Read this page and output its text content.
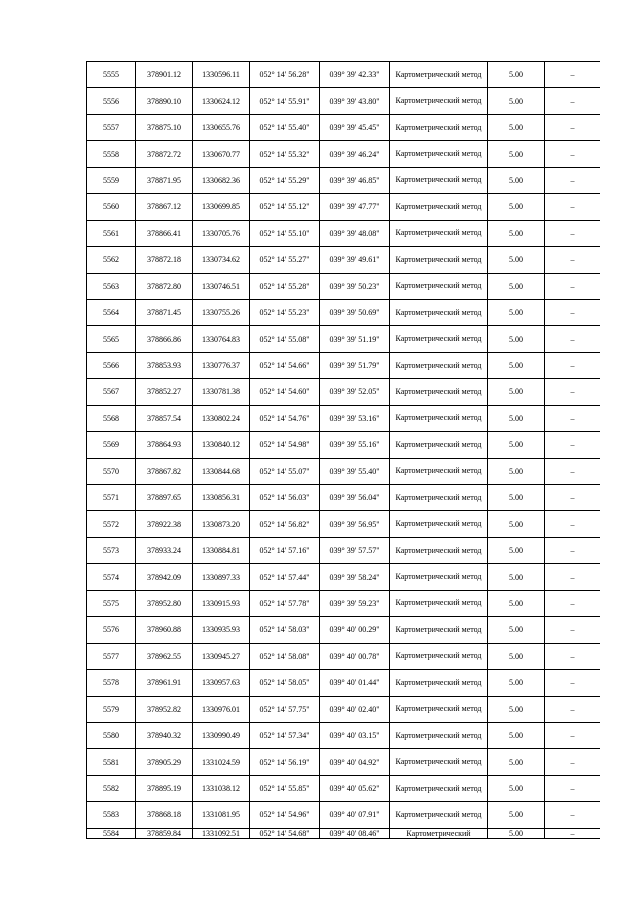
5555	378901.12	1330596.11	052° 14' 56.28"	039° 39' 42.33"	Картометрический метод	5.00	–
5556	378890.10	1330624.12	052° 14' 55.91"	039° 39' 43.80"	Картометрический метод	5.00	–
5557	378875.10	1330655.76	052° 14' 55.40"	039° 39' 45.45"	Картометрический метод	5.00	–
5558	378872.72	1330670.77	052° 14' 55.32"	039° 39' 46.24"	Картометрический метод	5.00	–
5559	378871.95	1330682.36	052° 14' 55.29"	039° 39' 46.85"	Картометрический метод	5.00	–
5560	378867.12	1330699.85	052° 14' 55.12"	039° 39' 47.77"	Картометрический метод	5.00	–
5561	378866.41	1330705.76	052° 14' 55.10"	039° 39' 48.08"	Картометрический метод	5.00	–
5562	378872.18	1330734.62	052° 14' 55.27"	039° 39' 49.61"	Картометрический метод	5.00	–
5563	378872.80	1330746.51	052° 14' 55.28"	039° 39' 50.23"	Картометрический метод	5.00	–
5564	378871.45	1330755.26	052° 14' 55.23"	039° 39' 50.69"	Картометрический метод	5.00	–
5565	378866.86	1330764.83	052° 14' 55.08"	039° 39' 51.19"	Картометрический метод	5.00	–
5566	378853.93	1330776.37	052° 14' 54.66"	039° 39' 51.79"	Картометрический метод	5.00	–
5567	378852.27	1330781.38	052° 14' 54.60"	039° 39' 52.05"	Картометрический метод	5.00	–
5568	378857.54	1330802.24	052° 14' 54.76"	039° 39' 53.16"	Картометрический метод	5.00	–
5569	378864.93	1330840.12	052° 14' 54.98"	039° 39' 55.16"	Картометрический метод	5.00	–
5570	378867.82	1330844.68	052° 14' 55.07"	039° 39' 55.40"	Картометрический метод	5.00	–
5571	378897.65	1330856.31	052° 14' 56.03"	039° 39' 56.04"	Картометрический метод	5.00	–
5572	378922.38	1330873.20	052° 14' 56.82"	039° 39' 56.95"	Картометрический метод	5.00	–
5573	378933.24	1330884.81	052° 14' 57.16"	039° 39' 57.57"	Картометрический метод	5.00	–
5574	378942.09	1330897.33	052° 14' 57.44"	039° 39' 58.24"	Картометрический метод	5.00	–
5575	378952.80	1330915.93	052° 14' 57.78"	039° 39' 59.23"	Картометрический метод	5.00	–
5576	378960.88	1330935.93	052° 14' 58.03"	039° 40' 00.29"	Картометрический метод	5.00	–
5577	378962.55	1330945.27	052° 14' 58.08"	039° 40' 00.78"	Картометрический метод	5.00	–
5578	378961.91	1330957.63	052° 14' 58.05"	039° 40' 01.44"	Картометрический метод	5.00	–
5579	378952.82	1330976.01	052° 14' 57.75"	039° 40' 02.40"	Картометрический метод	5.00	–
5580	378940.32	1330990.49	052° 14' 57.34"	039° 40' 03.15"	Картометрический метод	5.00	–
5581	378905.29	1331024.59	052° 14' 56.19"	039° 40' 04.92"	Картометрический метод	5.00	–
5582	378895.19	1331038.12	052° 14' 55.85"	039° 40' 05.62"	Картометрический метод	5.00	–
5583	378868.18	1331081.95	052° 14' 54.96"	039° 40' 07.91"	Картометрический метод	5.00	–
5584	378859.84	1331092.51	052° 14' 54.68"	039° 40' 08.46"	Картометрический	5.00	–
